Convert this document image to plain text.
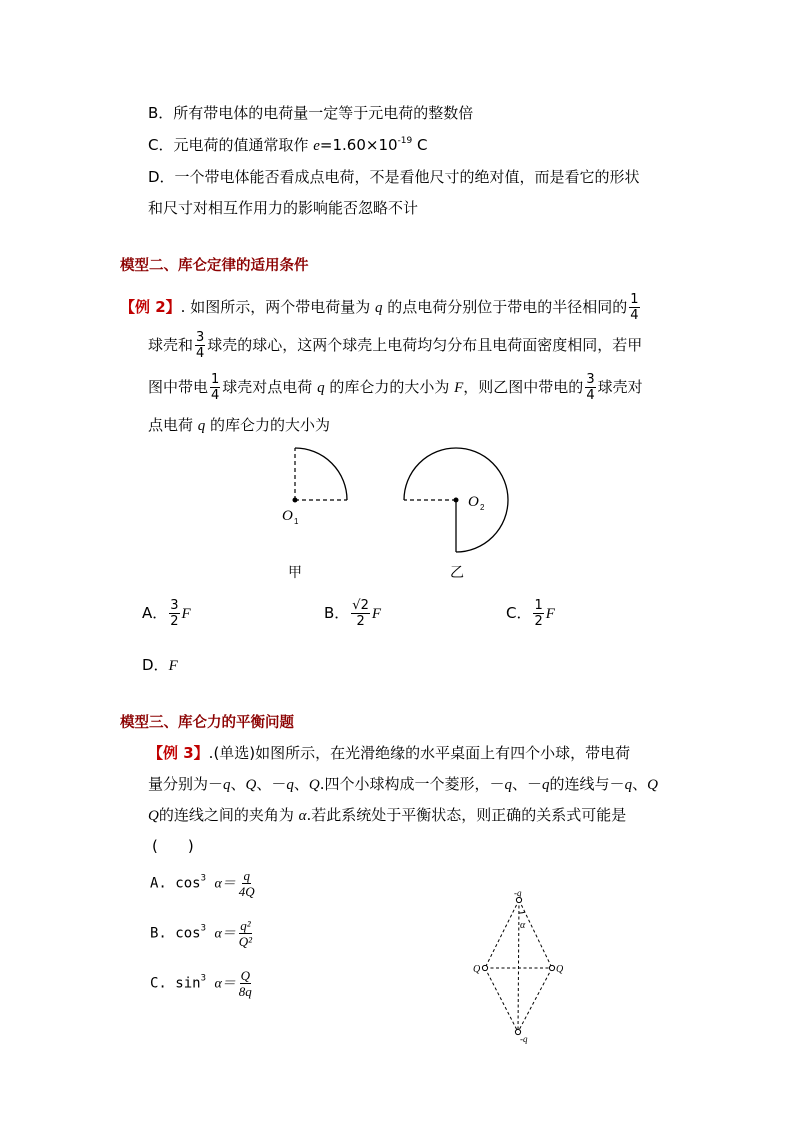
B．所有带电体的电荷量一定等于元电荷的整数倍
C．元电荷的值通常取作 $e=1.60\times 10^{-19}$ C
D．一个带电体能否看成点电荷，不是看他尺寸的绝对值，而是看它的形状
和尺寸对相互作用力的影响能否忽略不计
模型二、库仑定律的适用条件
【例 2】. 如图所示，两个带电荷量为 q 的点电荷分别位于带电的半径相同的 $\frac{1}{4}$
球壳和 $\frac{3}{4}$ 球壳的球心，这两个球壳上电荷均匀分布且电荷面密度相同，若甲
图中带电 $\frac{1}{4}$ 球壳对点电荷 q 的库仑力的大小为 F，则乙图中带电的 $\frac{3}{4}$ 球壳对
点电荷 q 的库仑力的大小为
O 1
甲
O 2
乙
A． $\frac{3}{2}$ F	B． $\frac{√2}{2}$ F	C． $\frac{1}{2}$ F
D．F
模型三、库仑力的平衡问题
【例 3】.(单选)如图所示，在光滑绝缘的水平桌面上有四个小球，带电荷
量分别为－q、Q、－q、Q.四个小球构成一个菱形，－q、－q的连线与－q、Q
Q的连线之间的夹角为 α.若此系统处于平衡状态，则正确的关系式可能是
(　　)
A. $\cos^3 \alpha= \frac{q}{4Q}$
B. $\cos^3 \alpha= \frac{\text{q²}}{\text{Q²}}$
C. $\sin^3 \alpha= \frac{Q}{8q}$
-q
-q
Q	Q
α
